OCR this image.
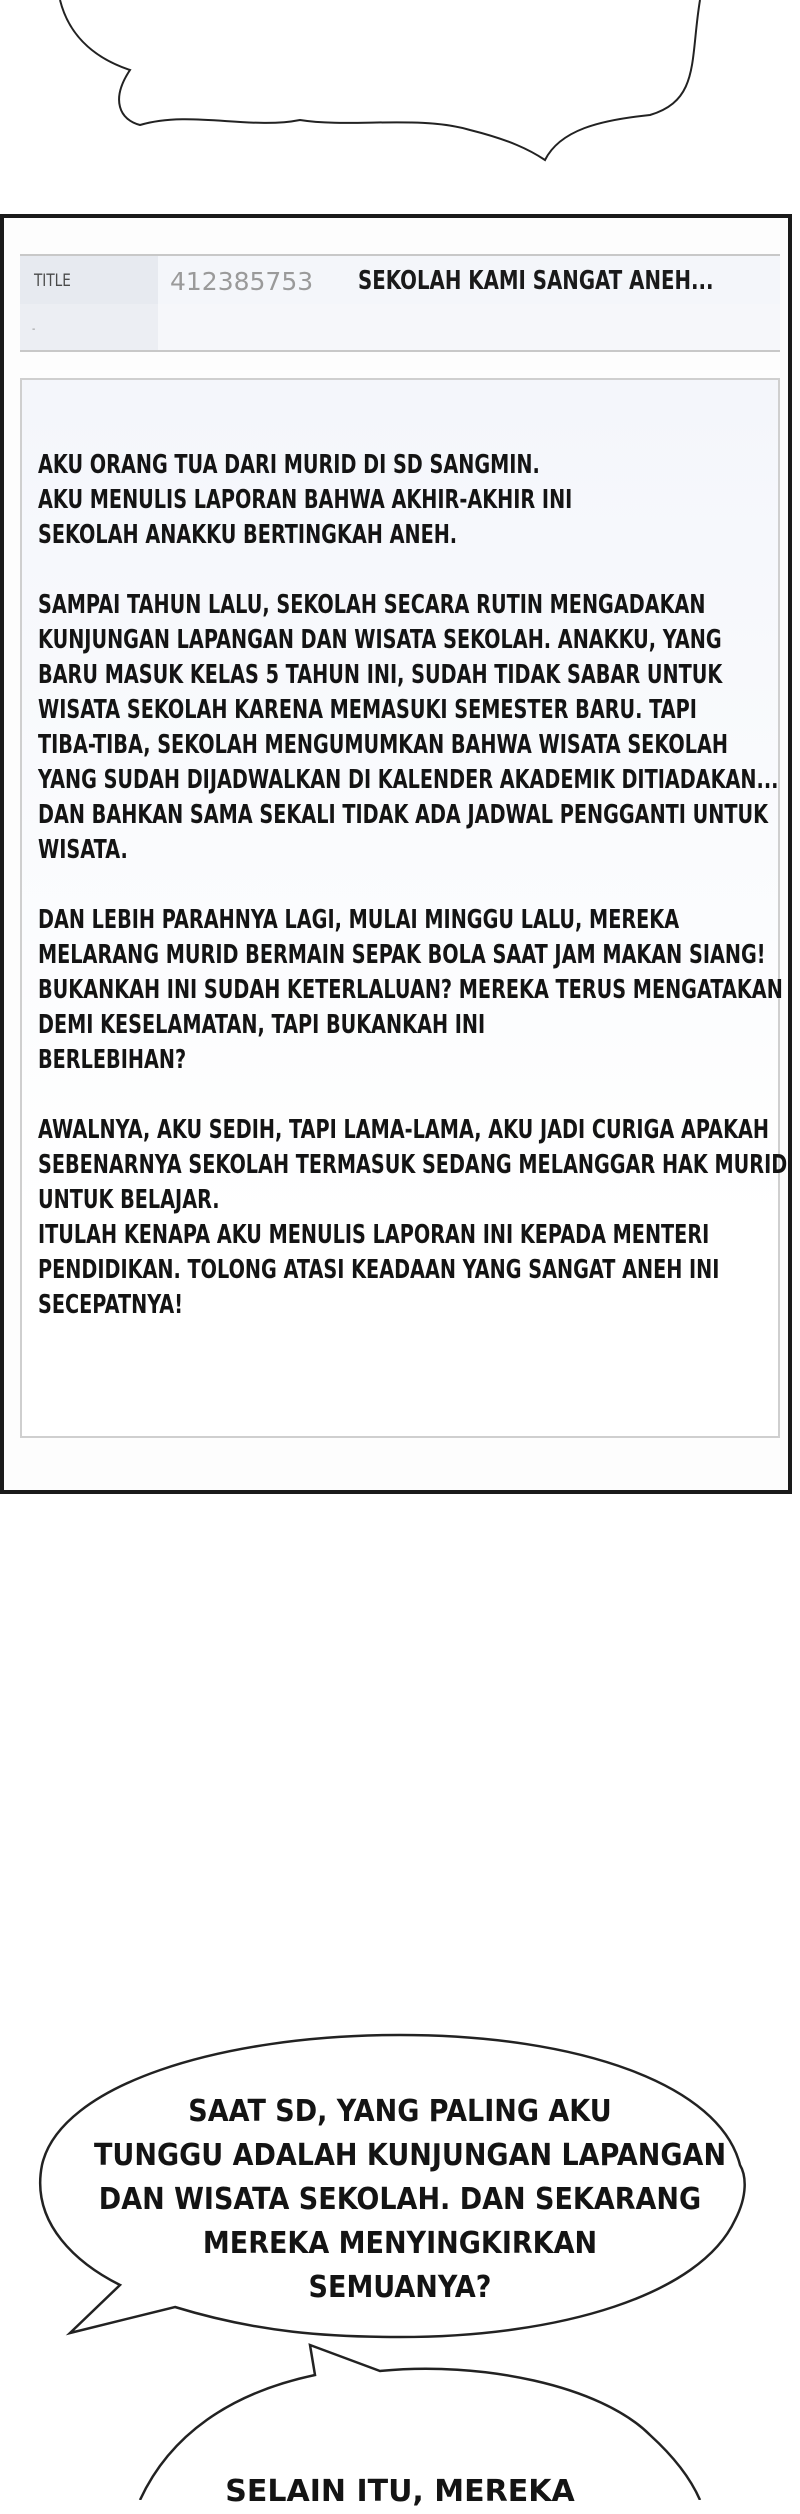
TITLE	412385753 SEKOLAH KAMI SANGAT ANEH...
-

AKU ORANG TUA DARI MURID DI SD SANGMIN.
AKU MENULIS LAPORAN BAHWA AKHIR-AKHIR INI
SEKOLAH ANAKKU BERTINGKAH ANEH.

SAMPAI TAHUN LALU, SEKOLAH SECARA RUTIN MENGADAKAN
KUNJUNGAN LAPANGAN DAN WISATA SEKOLAH. ANAKKU, YANG
BARU MASUK KELAS 5 TAHUN INI, SUDAH TIDAK SABAR UNTUK
WISATA SEKOLAH KARENA MEMASUKI SEMESTER BARU. TAPI
TIBA-TIBA, SEKOLAH MENGUMUMKAN BAHWA WISATA SEKOLAH
YANG SUDAH DIJADWALKAN DI KALENDER AKADEMIK DITIADAKAN...
DAN BAHKAN SAMA SEKALI TIDAK ADA JADWAL PENGGANTI UNTUK
WISATA.

DAN LEBIH PARAHNYA LAGI, MULAI MINGGU LALU, MEREKA
MELARANG MURID BERMAIN SEPAK BOLA SAAT JAM MAKAN SIANG!
BUKANKAH INI SUDAH KETERLALUAN? MEREKA TERUS MENGATAKAN
DEMI KESELAMATAN, TAPI BUKANKAH INI
BERLEBIHAN?

AWALNYA, AKU SEDIH, TAPI LAMA-LAMA, AKU JADI CURIGA APAKAH
SEBENARNYA SEKOLAH TERMASUK SEDANG MELANGGAR HAK MURID
UNTUK BELAJAR.
ITULAH KENAPA AKU MENULIS LAPORAN INI KEPADA MENTERI
PENDIDIKAN. TOLONG ATASI KEADAAN YANG SANGAT ANEH INI
SECEPATNYA!

SAAT SD, YANG PALING AKU
TUNGGU ADALAH KUNJUNGAN LAPANGAN
DAN WISATA SEKOLAH. DAN SEKARANG
MEREKA MENYINGKIRKAN
SEMUANYA?
SELAIN ITU, MEREKA
